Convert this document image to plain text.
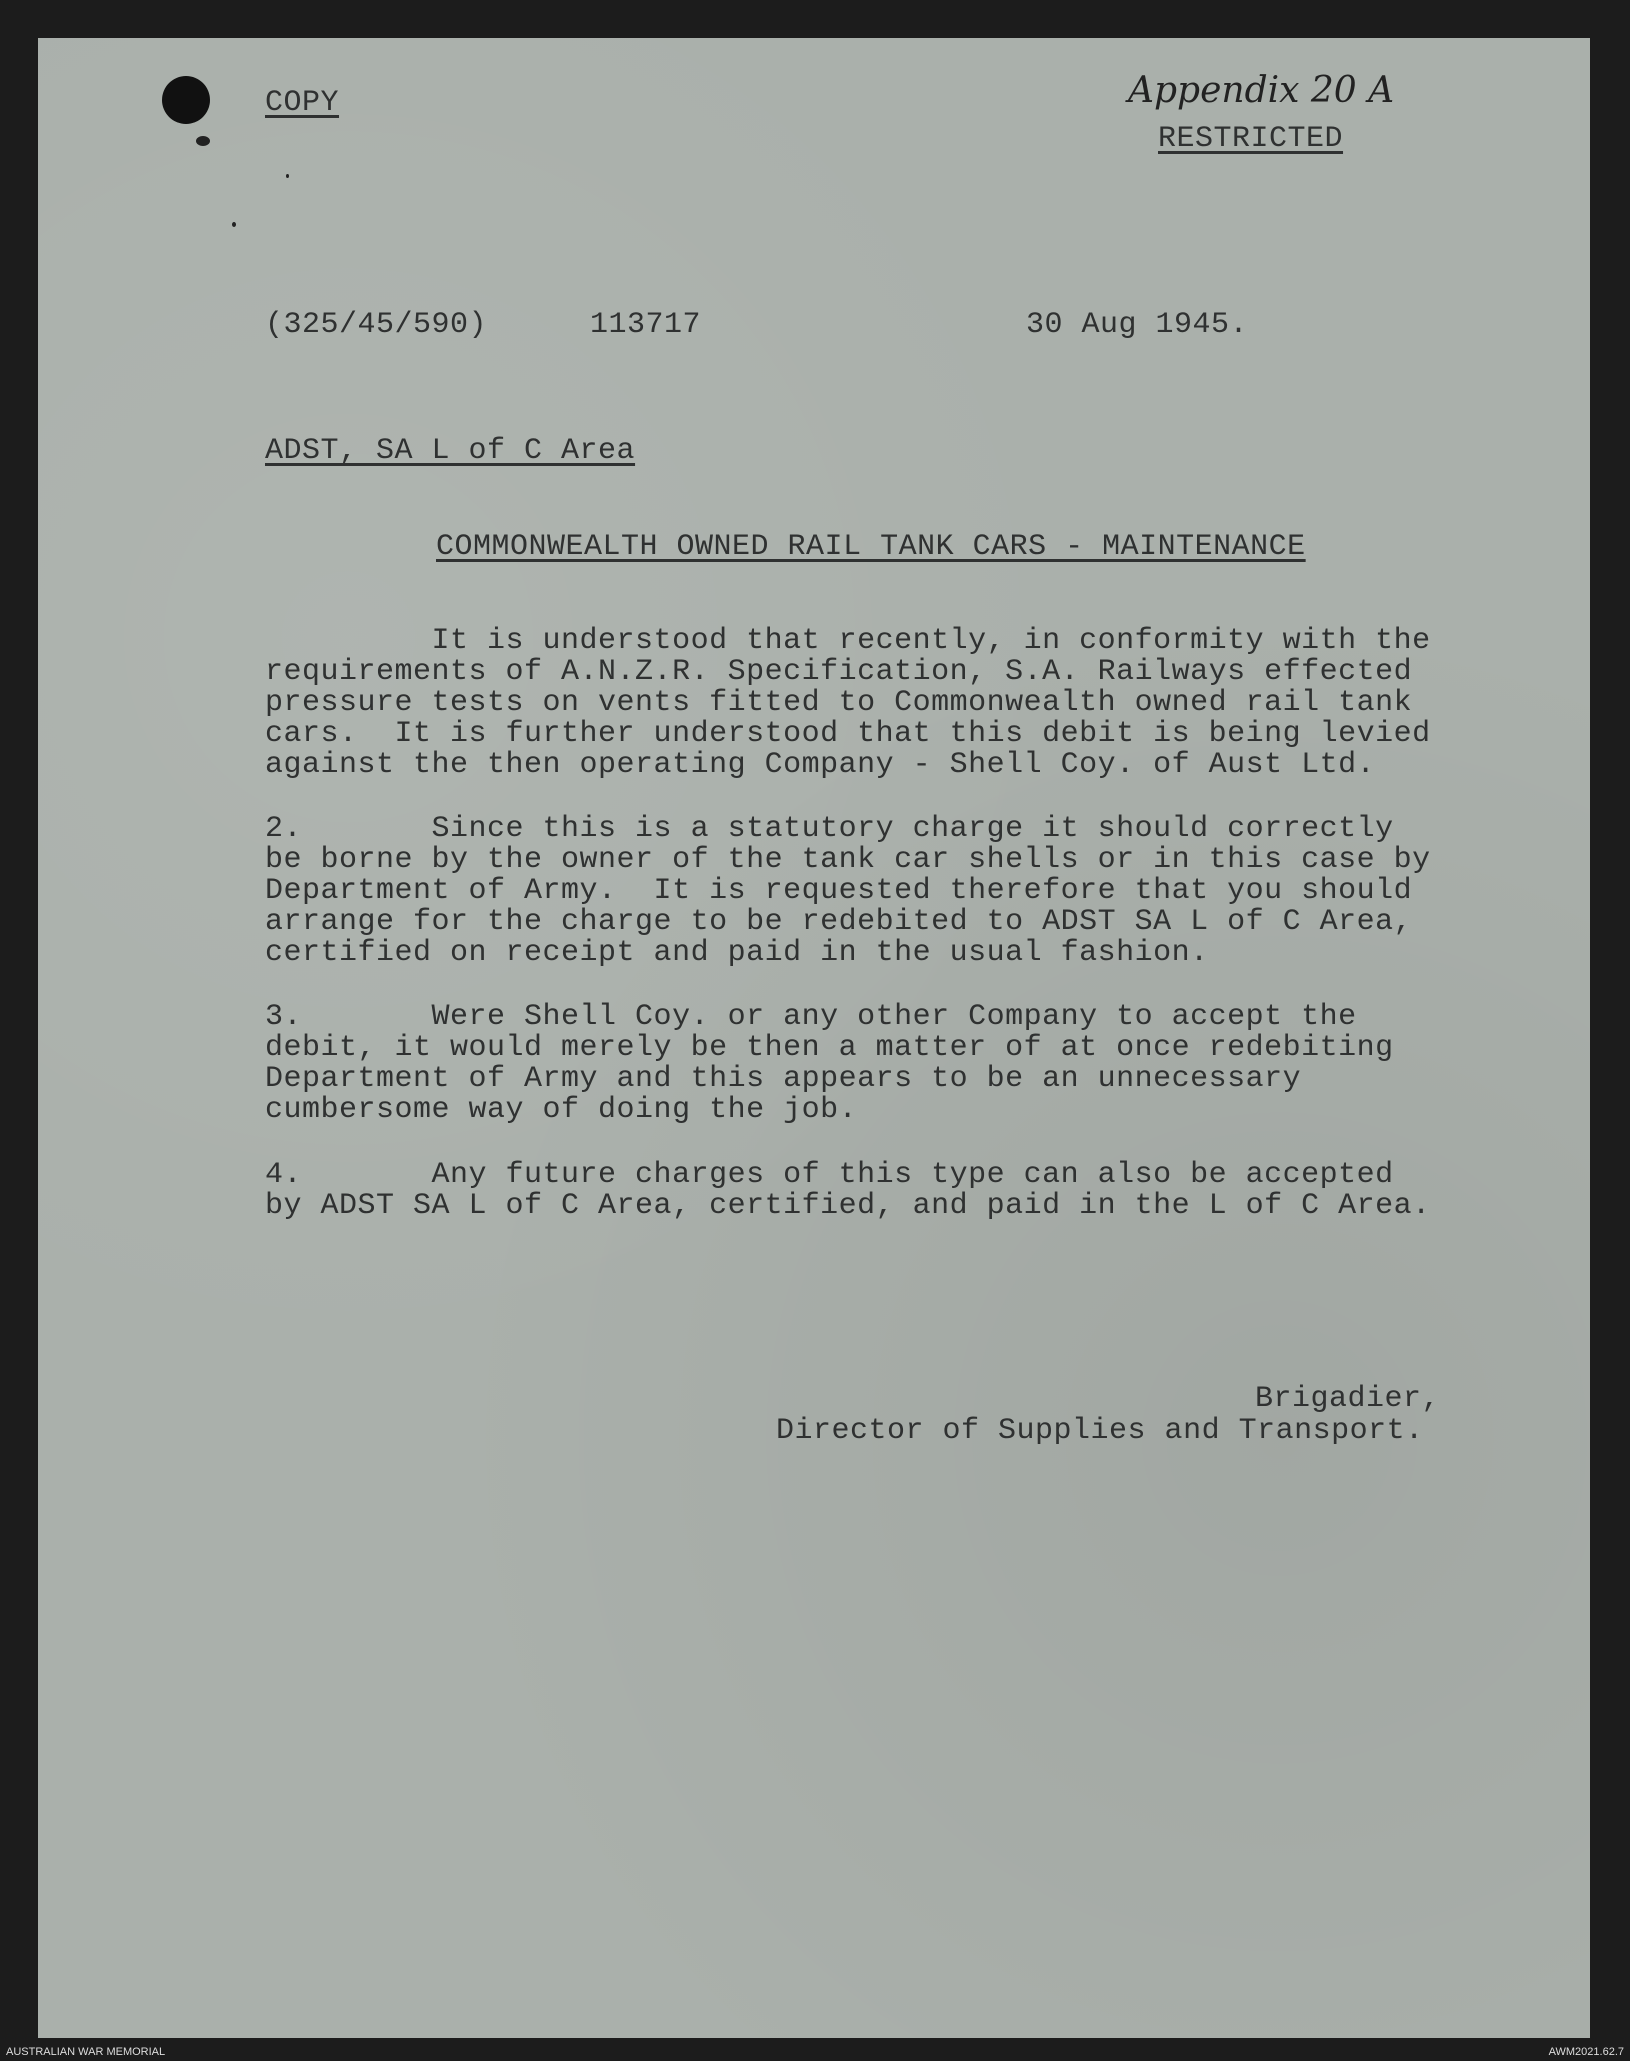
COPY	Appendix 20 A
RESTRICTED
(325/45/590)	113717	30 Aug 1945.
ADST, SA L of C Area
COMMONWEALTH OWNED RAIL TANK CARS - MAINTENANCE
It is understood that recently, in conformity with the
requirements of A.N.Z.R. Specification, S.A. Railways effected
pressure tests on vents fitted to Commonwealth owned rail tank
cars.  It is further understood that this debit is being levied
against the then operating Company - Shell Coy. of Aust Ltd.
2.       Since this is a statutory charge it should correctly
be borne by the owner of the tank car shells or in this case by
Department of Army.  It is requested therefore that you should
arrange for the charge to be redebited to ADST SA L of C Area,
certified on receipt and paid in the usual fashion.
3.       Were Shell Coy. or any other Company to accept the
debit, it would merely be then a matter of at once redebiting
Department of Army and this appears to be an unnecessary
cumbersome way of doing the job.
4.       Any future charges of this type can also be accepted
by ADST SA L of C Area, certified, and paid in the L of C Area.
Brigadier,
Director of Supplies and Transport.
AUSTRALIAN WAR MEMORIAL	AWM2021.62.7
